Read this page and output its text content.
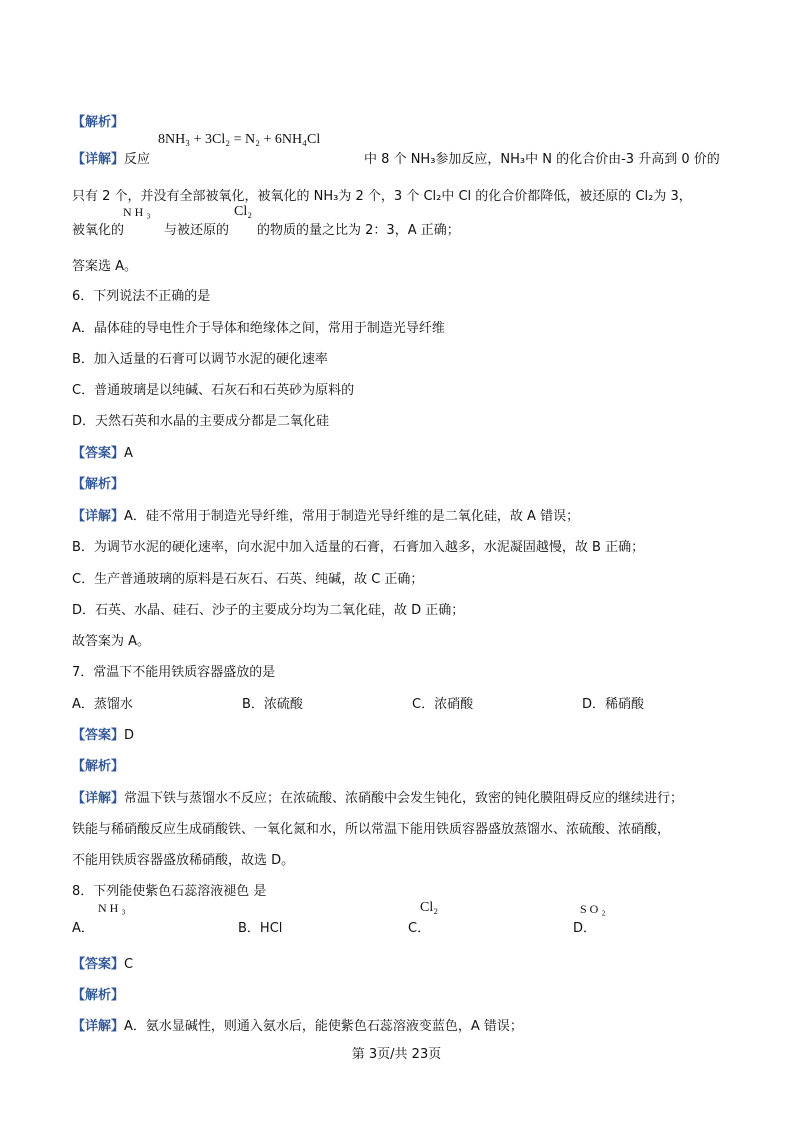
【解析】
8NH₃ + 3Cl₂ = N₂ + 6NH₄Cl
【详解】反应	中 8 个 NH₃参加反应，NH₃中 N 的化合价由-3 升高到 0 价的
只有 2 个，并没有全部被氧化，被氧化的 NH₃为 2 个，3 个 Cl₂中 Cl 的化合价都降低，被还原的 Cl₂为 3，
NH₃	Cl₂
被氧化的	与被还原的 的物质的量之比为 2：3，A 正确；
答案选 A。
6．下列说法不正确的是
A．晶体硅的导电性介于导体和绝缘体之间，常用于制造光导纤维
B．加入适量的石膏可以调节水泥的硬化速率
C．普通玻璃是以纯碱、石灰石和石英砂为原料的
D．天然石英和水晶的主要成分都是二氧化硅
【答案】A
【解析】
【详解】A．硅不常用于制造光导纤维，常用于制造光导纤维的是二氧化硅，故 A 错误；
B．为调节水泥的硬化速率，向水泥中加入适量的石膏，石膏加入越多，水泥凝固越慢，故 B 正确；
C．生产普通玻璃的原料是石灰石、石英、纯碱，故 C 正确；
D．石英、水晶、硅石、沙子的主要成分均为二氧化硅，故 D 正确；
故答案为 A。
7．常温下不能用铁质容器盛放的是
A．蒸馏水	B．浓硫酸	C．浓硝酸	D．稀硝酸
【答案】D
【解析】
【详解】常温下铁与蒸馏水不反应；在浓硫酸、浓硝酸中会发生钝化，致密的钝化膜阻碍反应的继续进行；
铁能与稀硝酸反应生成硝酸铁、一氧化氮和水，所以常温下能用铁质容器盛放蒸馏水、浓硫酸、浓硝酸，
不能用铁质容器盛放稀硝酸，故选 D。
8．下列能使紫色石蕊溶液褪色 是
NH₃	Cl₂	SO₂
A．	B．HCl	C．	D．
【答案】C
【解析】
【详解】A．氨水显碱性，则通入氨水后，能使紫色石蕊溶液变蓝色，A 错误；
第 3页/共 23页
